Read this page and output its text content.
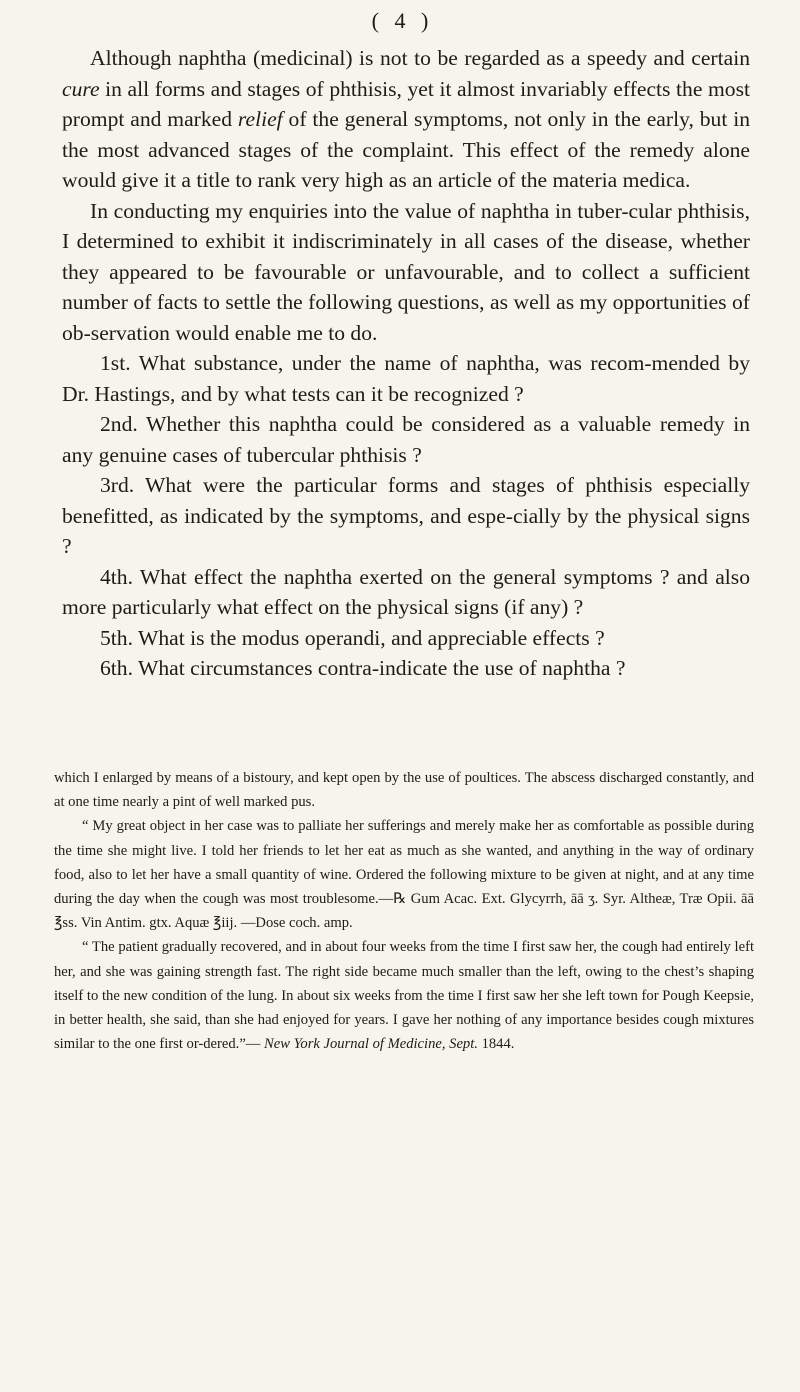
( 4 )

Although naphtha (medicinal) is not to be regarded as a speedy and certain cure in all forms and stages of phthisis, yet it almost invariably effects the most prompt and marked relief of the general symptoms, not only in the early, but in the most advanced stages of the complaint. This effect of the remedy alone would give it a title to rank very high as an article of the materia medica.

In conducting my enquiries into the value of naphtha in tuber-cular phthisis, I determined to exhibit it indiscriminately in all cases of the disease, whether they appeared to be favourable or unfavourable, and to collect a sufficient number of facts to settle the following questions, as well as my opportunities of ob-servation would enable me to do.

1st. What substance, under the name of naphtha, was recom-mended by Dr. Hastings, and by what tests can it be recognized ?

2nd. Whether this naphtha could be considered as a valuable remedy in any genuine cases of tubercular phthisis ?

3rd. What were the particular forms and stages of phthisis especially benefitted, as indicated by the symptoms, and espe-cially by the physical signs ?

4th. What effect the naphtha exerted on the general symptoms ? and also more particularly what effect on the physical signs (if any) ?

5th. What is the modus operandi, and appreciable effects ?

6th. What circumstances contra-indicate the use of naphtha ?

which I enlarged by means of a bistoury, and kept open by the use of poultices. The abscess discharged constantly, and at one time nearly a pint of well marked pus.

“ My great object in her case was to palliate her sufferings and merely make her as comfortable as possible during the time she might live. I told her friends to let her eat as much as she wanted, and anything in the way of ordinary food, also to let her have a small quantity of wine. Ordered the following mixture to be given at night, and at any time during the day when the cough was most troublesome.—℞ Gum Acac. Ext. Glycyrrh, āā ʒ. Syr. Altheæ, Træ Opii. āā ℥ss. Vin Antim. gtx. Aquæ ℥iij. —Dose coch. amp.

“ The patient gradually recovered, and in about four weeks from the time I first saw her, the cough had entirely left her, and she was gaining strength fast. The right side became much smaller than the left, owing to the chest’s shaping itself to the new condition of the lung. In about six weeks from the time I first saw her she left town for Pough Keepsie, in better health, she said, than she had enjoyed for years. I gave her nothing of any importance besides cough mixtures similar to the one first or-dered.”— New York Journal of Medicine, Sept. 1844.
